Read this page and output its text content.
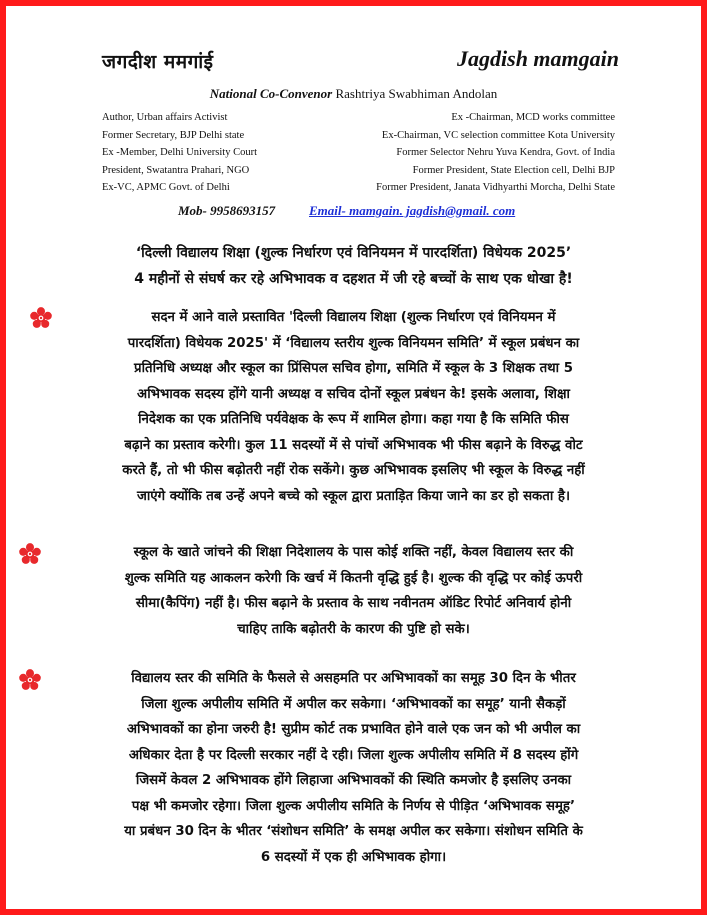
जगदीश ममगांई	Jagdish mamgain
National Co-Convenor Rashtriya Swabhiman Andolan
Author, Urban affairs Activist
Former Secretary, BJP Delhi state
Ex -Member, Delhi University Court
President, Swatantra Prahari, NGO
Ex-VC, APMC Govt. of Delhi
Ex -Chairman, MCD works committee
Ex-Chairman, VC selection committee Kota University
Former Selector Nehru Yuva Kendra, Govt. of India
Former President, State Election cell, Delhi BJP
Former President, Janata Vidhyarthi Morcha, Delhi State
Mob- 9958693157	Email- mamgain. jagdish@gmail. com
‘दिल्ली विद्यालय शिक्षा (शुल्क निर्धारण एवं विनियमन में पारदर्शिता) विधेयक 2025’
4 महीनों से संघर्ष कर रहे अभिभावक व दहशत में जी रहे बच्चों के साथ एक धोखा है!
सदन में आने वाले प्रस्तावित 'दिल्ली विद्यालय शिक्षा (शुल्क निर्धारण एवं विनियमन में
पारदर्शिता) विधेयक 2025' में ‘विद्यालय स्तरीय शुल्क विनियमन समिति’ में स्कूल प्रबंधन का
प्रतिनिधि अध्यक्ष और स्कूल का प्रिंसिपल सचिव होगा, समिति में स्कूल के 3 शिक्षक तथा 5
अभिभावक सदस्य होंगे यानी अध्यक्ष व सचिव दोनों स्कूल प्रबंधन के! इसके अलावा, शिक्षा
निदेशक का एक प्रतिनिधि पर्यवेक्षक के रूप में शामिल होगा। कहा गया है कि समिति फीस
बढ़ाने का प्रस्ताव करेगी। कुल 11 सदस्यों में से पांचों अभिभावक भी फीस बढ़ाने के विरुद्ध वोट
करते हैं, तो भी फीस बढ़ोतरी नहीं रोक सकेंगे। कुछ अभिभावक इसलिए भी स्कूल के विरुद्ध नहीं
जाएंगे क्योंकि तब उन्हें अपने बच्चे को स्कूल द्वारा प्रताड़ित किया जाने का डर हो सकता है।
स्कूल के खाते जांचने की शिक्षा निदेशालय के पास कोई शक्ति नहीं, केवल विद्यालय स्तर की
शुल्क समिति यह आकलन करेगी कि खर्च में कितनी वृद्धि हुई है। शुल्क की वृद्धि पर कोई ऊपरी
सीमा(कैपिंग) नहीं है। फीस बढ़ाने के प्रस्ताव के साथ नवीनतम ऑडिट रिपोर्ट अनिवार्य होनी
चाहिए ताकि बढ़ोतरी के कारण की पुष्टि हो सके।
विद्यालय स्तर की समिति के फैसले से असहमति पर अभिभावकों का समूह 30 दिन के भीतर
जिला शुल्क अपीलीय समिति में अपील कर सकेगा। ‘अभिभावकों का समूह’ यानी सैकड़ों
अभिभावकों का होना जरुरी है! सुप्रीम कोर्ट तक प्रभावित होने वाले एक जन को भी अपील का
अधिकार देता है पर दिल्ली सरकार नहीं दे रही। जिला शुल्क अपीलीय समिति में 8 सदस्य होंगे
जिसमें केवल 2 अभिभावक होंगे लिहाजा अभिभावकों की स्थिति कमजोर है इसलिए उनका
पक्ष भी कमजोर रहेगा। जिला शुल्क अपीलीय समिति के निर्णय से पीड़ित ‘अभिभावक समूह’
या प्रबंधन 30 दिन के भीतर ‘संशोधन समिति’ के समक्ष अपील कर सकेगा। संशोधन समिति के
6 सदस्यों में एक ही अभिभावक होगा।
